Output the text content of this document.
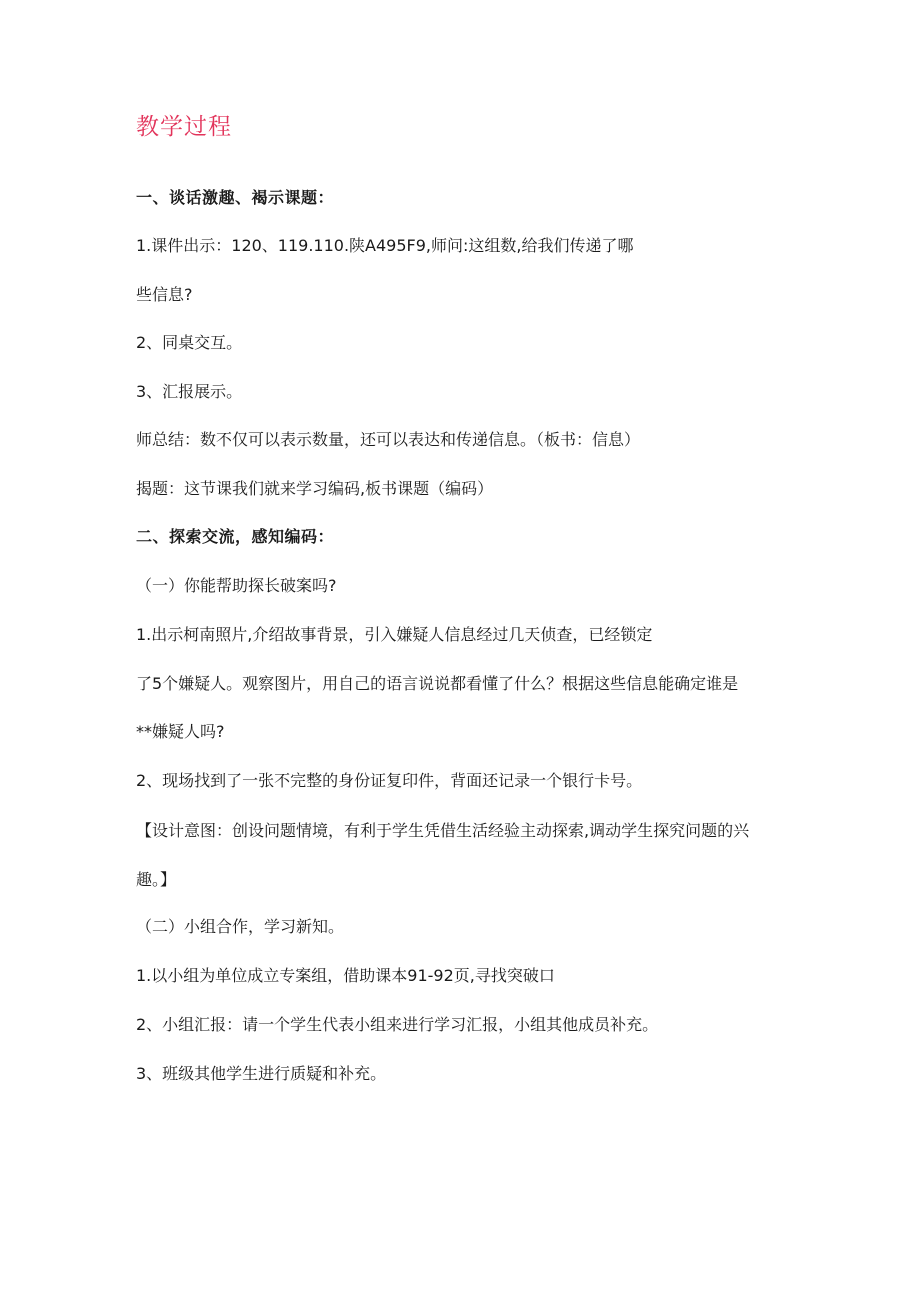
教学过程
一、谈话激趣、褐示课题：
1.课件出示：120、119.110.陕A495F9,师问:这组数,给我们传递了哪
些信息?
2、同桌交互。
3、汇报展示。
师总结：数不仅可以表示数量，还可以表达和传递信息。（板书：信息）
揭题：这节课我们就来学习编码,板书课题（编码）
二、探索交流，感知编码：
（一）你能帮助探长破案吗?
1.出示柯南照片,介绍故事背景，引入嫌疑人信息经过几天侦查，已经锁定
了5个嫌疑人。观察图片，用自己的语言说说都看懂了什么？根据这些信息能确定谁是
**嫌疑人吗?
2、现场找到了一张不完整的身份证复印件，背面还记录一个银行卡号。
【设计意图：创设问题情境，有利于学生凭借生活经验主动探索,调动学生探究问题的兴
趣。】
（二）小组合作，学习新知。
1.以小组为单位成立专案组，借助课本91-92页,寻找突破口
2、小组汇报：请一个学生代表小组来进行学习汇报，小组其他成员补充。
3、班级其他学生进行质疑和补充。
